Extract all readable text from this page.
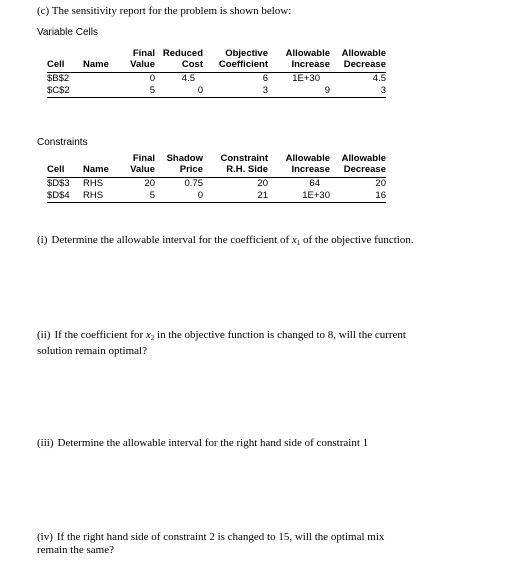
(c) The sensitivity report for the problem is shown below:
Variable Cells
		Final	Reduced	Objective	Allowable	Allowable
Cell	Name	Value	Cost	Coefficient	Increase	Decrease
$B$2		0	4.5	6	1E+30	4.5
$C$2		5	0	3	9	3
Constraints
		Final	Shadow	Constraint	Allowable	Allowable
Cell	Name	Value	Price	R.H. Side	Increase	Decrease
$D$3	RHS	20	0.75	20	64	20
$D$4	RHS	5	0	21	1E+30	16
(i) Determine the allowable interval for the coefficient of $x_1$ of the objective function.
(ii) If the coefficient for $x_2$ in the objective function is changed to 8, will the current
solution remain optimal?
(iii) Determine the allowable interval for the right hand side of constraint 1
(iv) If the right hand side of constraint 2 is changed to 15, will the optimal mix
remain the same?
